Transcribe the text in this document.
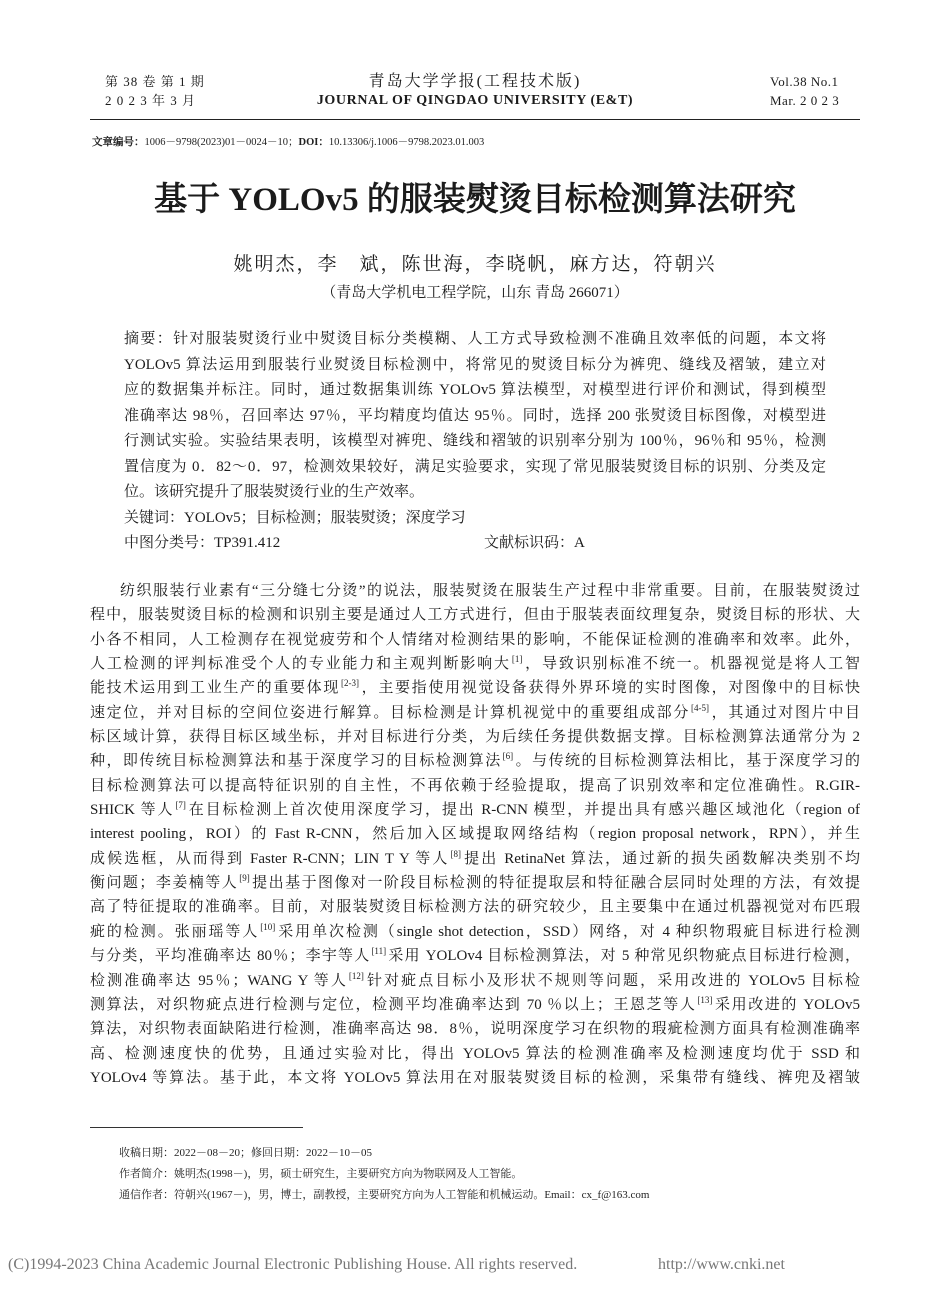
第 38 卷 第 1 期
2 0 2 3 年 3 月
青岛大学学报(工程技术版)
JOURNAL OF QINGDAO UNIVERSITY (E&T)
Vol.38 No.1
Mar. 2 0 2 3
文章编号：1006－9798(2023)01－0024－10；DOI：10.13306/j.1006－9798.2023.01.003
基于 YOLOv5 的服装熨烫目标检测算法研究
姚明杰，李　斌，陈世海，李晓帆，麻方达，符朝兴
（青岛大学机电工程学院，山东 青岛 266071）
摘要：针对服装熨烫行业中熨烫目标分类模糊、人工方式导致检测不准确且效率低的问题，本文将
YOLOv5 算法运用到服装行业熨烫目标检测中，将常见的熨烫目标分为裤兜、缝线及褶皱，建立对
应的数据集并标注。同时，通过数据集训练 YOLOv5 算法模型，对模型进行评价和测试，得到模型
准确率达 98％，召回率达 97％，平均精度均值达 95％。同时，选择 200 张熨烫目标图像，对模型进
行测试实验。实验结果表明，该模型对裤兜、缝线和褶皱的识别率分别为 100％，96％和 95％，检测
置信度为 0．82～0．97，检测效果较好，满足实验要求，实现了常见服装熨烫目标的识别、分类及定
位。该研究提升了服装熨烫行业的生产效率。
关键词：YOLOv5；目标检测；服装熨烫；深度学习
中图分类号：TP391.412	文献标识码：A
纺织服装行业素有“三分缝七分烫”的说法，服装熨烫在服装生产过程中非常重要。目前，在服装熨烫过
程中，服装熨烫目标的检测和识别主要是通过人工方式进行，但由于服装表面纹理复杂，熨烫目标的形状、大
小各不相同，人工检测存在视觉疲劳和个人情绪对检测结果的影响，不能保证检测的准确率和效率。此外，
人工检测的评判标准受个人的专业能力和主观判断影响大[1]，导致识别标准不统一。机器视觉是将人工智
能技术运用到工业生产的重要体现[2-3]，主要指使用视觉设备获得外界环境的实时图像，对图像中的目标快
速定位，并对目标的空间位姿进行解算。目标检测是计算机视觉中的重要组成部分[4-5]，其通过对图片中目
标区域计算，获得目标区域坐标，并对目标进行分类，为后续任务提供数据支撑。目标检测算法通常分为 2
种，即传统目标检测算法和基于深度学习的目标检测算法[6]。与传统的目标检测算法相比，基于深度学习的
目标检测算法可以提高特征识别的自主性，不再依赖于经验提取，提高了识别效率和定位准确性。R.GIR-
SHICK 等人[7]在目标检测上首次使用深度学习，提出 R-CNN 模型，并提出具有感兴趣区域池化（region of
interest pooling，ROI）的 Fast R-CNN，然后加入区域提取网络结构（region proposal network，RPN），并生
成候选框，从而得到 Faster R-CNN；LIN T Y 等人[8]提出 RetinaNet 算法，通过新的损失函数解决类别不均
衡问题；李姜楠等人[9]提出基于图像对一阶段目标检测的特征提取层和特征融合层同时处理的方法，有效提
高了特征提取的准确率。目前，对服装熨烫目标检测方法的研究较少，且主要集中在通过机器视觉对布匹瑕
疵的检测。张丽瑶等人[10]采用单次检测（single shot detection，SSD）网络，对 4 种织物瑕疵目标进行检测
与分类，平均准确率达 80％；李宇等人[11]采用 YOLOv4 目标检测算法，对 5 种常见织物疵点目标进行检测，
检测准确率达 95％；WANG Y 等人[12]针对疵点目标小及形状不规则等问题，采用改进的 YOLOv5 目标检
测算法，对织物疵点进行检测与定位，检测平均准确率达到 70 ％以上；王恩芝等人[13]采用改进的 YOLOv5
算法，对织物表面缺陷进行检测，准确率高达 98．8％，说明深度学习在织物的瑕疵检测方面具有检测准确率
高、检测速度快的优势，且通过实验对比，得出 YOLOv5 算法的检测准确率及检测速度均优于 SSD 和
YOLOv4 等算法。基于此，本文将 YOLOv5 算法用在对服装熨烫目标的检测，采集带有缝线、裤兜及褶皱
收稿日期：2022－08－20；修回日期：2022－10－05
作者简介：姚明杰(1998－)，男，硕士研究生，主要研究方向为物联网及人工智能。
通信作者：符朝兴(1967－)，男，博士，副教授，主要研究方向为人工智能和机械运动。Email：cx_f@163.com
(C)1994-2023 China Academic Journal Electronic Publishing House. All rights reserved.	http://www.cnki.net
